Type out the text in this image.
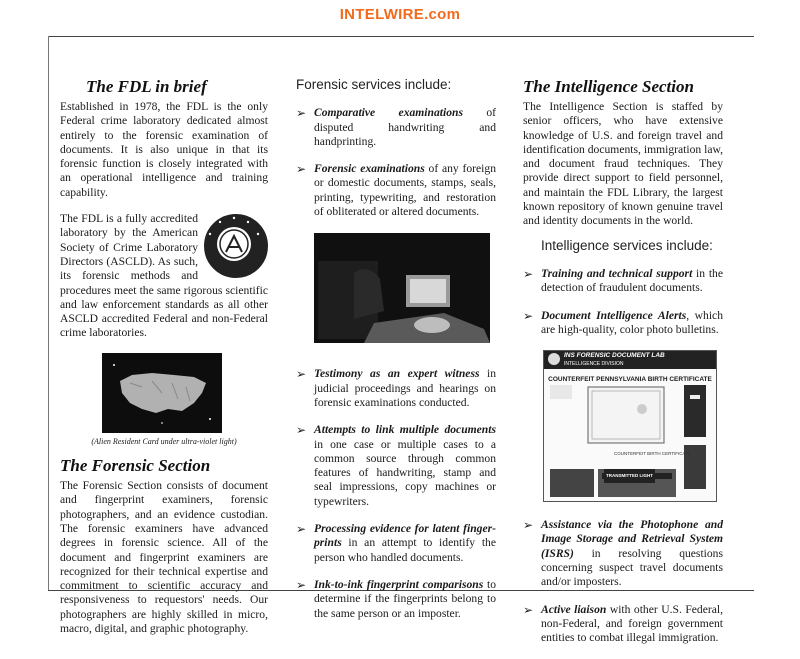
INTELWIRE.com
The FDL in brief

Established in 1978, the FDL is the only Federal crime laboratory dedicated almost entirely to the forensic examination of documents. It is also unique in that its forensic function is closely integrated with an operational intelligence and training capability.

The FDL is a fully accredited laboratory by the American Society of Crime Laboratory Directors (ASCLD). As such, its forensic methods and procedures meet the same rigorous scientific and law enforcement standards as all other ASCLD accredited Federal and non-Federal crime laboratories.

(Alien Resident Card under ultra-violet light)
The Forensic Section

The Forensic Section consists of document and fingerprint examiners, forensic photographers, and an evidence custodian. The forensic examiners have advanced degrees in forensic science. All of the document and fingerprint examiners are recognized for their technical expertise and commitment to scientific accuracy and responsiveness to requestors' needs. Our photographers are highly skilled in micro, macro, digital, and graphic photography.

Forensic services include:
➢ Comparative examinations of disputed handwriting and handprinting.
➢ Forensic examinations of any foreign or domestic documents, stamps, seals, printing, typewriting, and restoration of obliterated or altered documents.
➢ Testimony as an expert witness in judicial proceedings and hearings on forensic examinations conducted.
➢ Attempts to link multiple documents in one case or multiple cases to a common source through common features of handwriting, stamp and seal impressions, copy machines or typewriters.
➢ Processing evidence for latent finger-prints in an attempt to identify the person who handled documents.
➢ Ink-to-ink fingerprint comparisons to determine if the fingerprints belong to the same person or an imposter.
The Intelligence Section

The Intelligence Section is staffed by senior officers, who have extensive knowledge of U.S. and foreign travel and identification documents, immigration law, and document fraud techniques. They provide direct support to field personnel, and maintain the FDL Library, the largest known repository of known genuine travel and identity documents in the world.

Intelligence services include:
➢ Training and technical support in the detection of fraudulent documents.
➢ Document Intelligence Alerts, which are high-quality, color photo bulletins.
INS FORENSIC DOCUMENT LAB
INTELLIGENCE DIVISION
COUNTERFEIT PENNSYLVANIA BIRTH CERTIFICATE
COUNTERFEIT BIRTH CERTIFICATE
TRANSMITTED LIGHT
➢ Assistance via the Photophone and Image Storage and Retrieval System (ISRS) in resolving questions concerning suspect travel documents and/or imposters.
➢ Active liaison with other U.S. Federal, non-Federal, and foreign government entities to combat illegal immigration.
